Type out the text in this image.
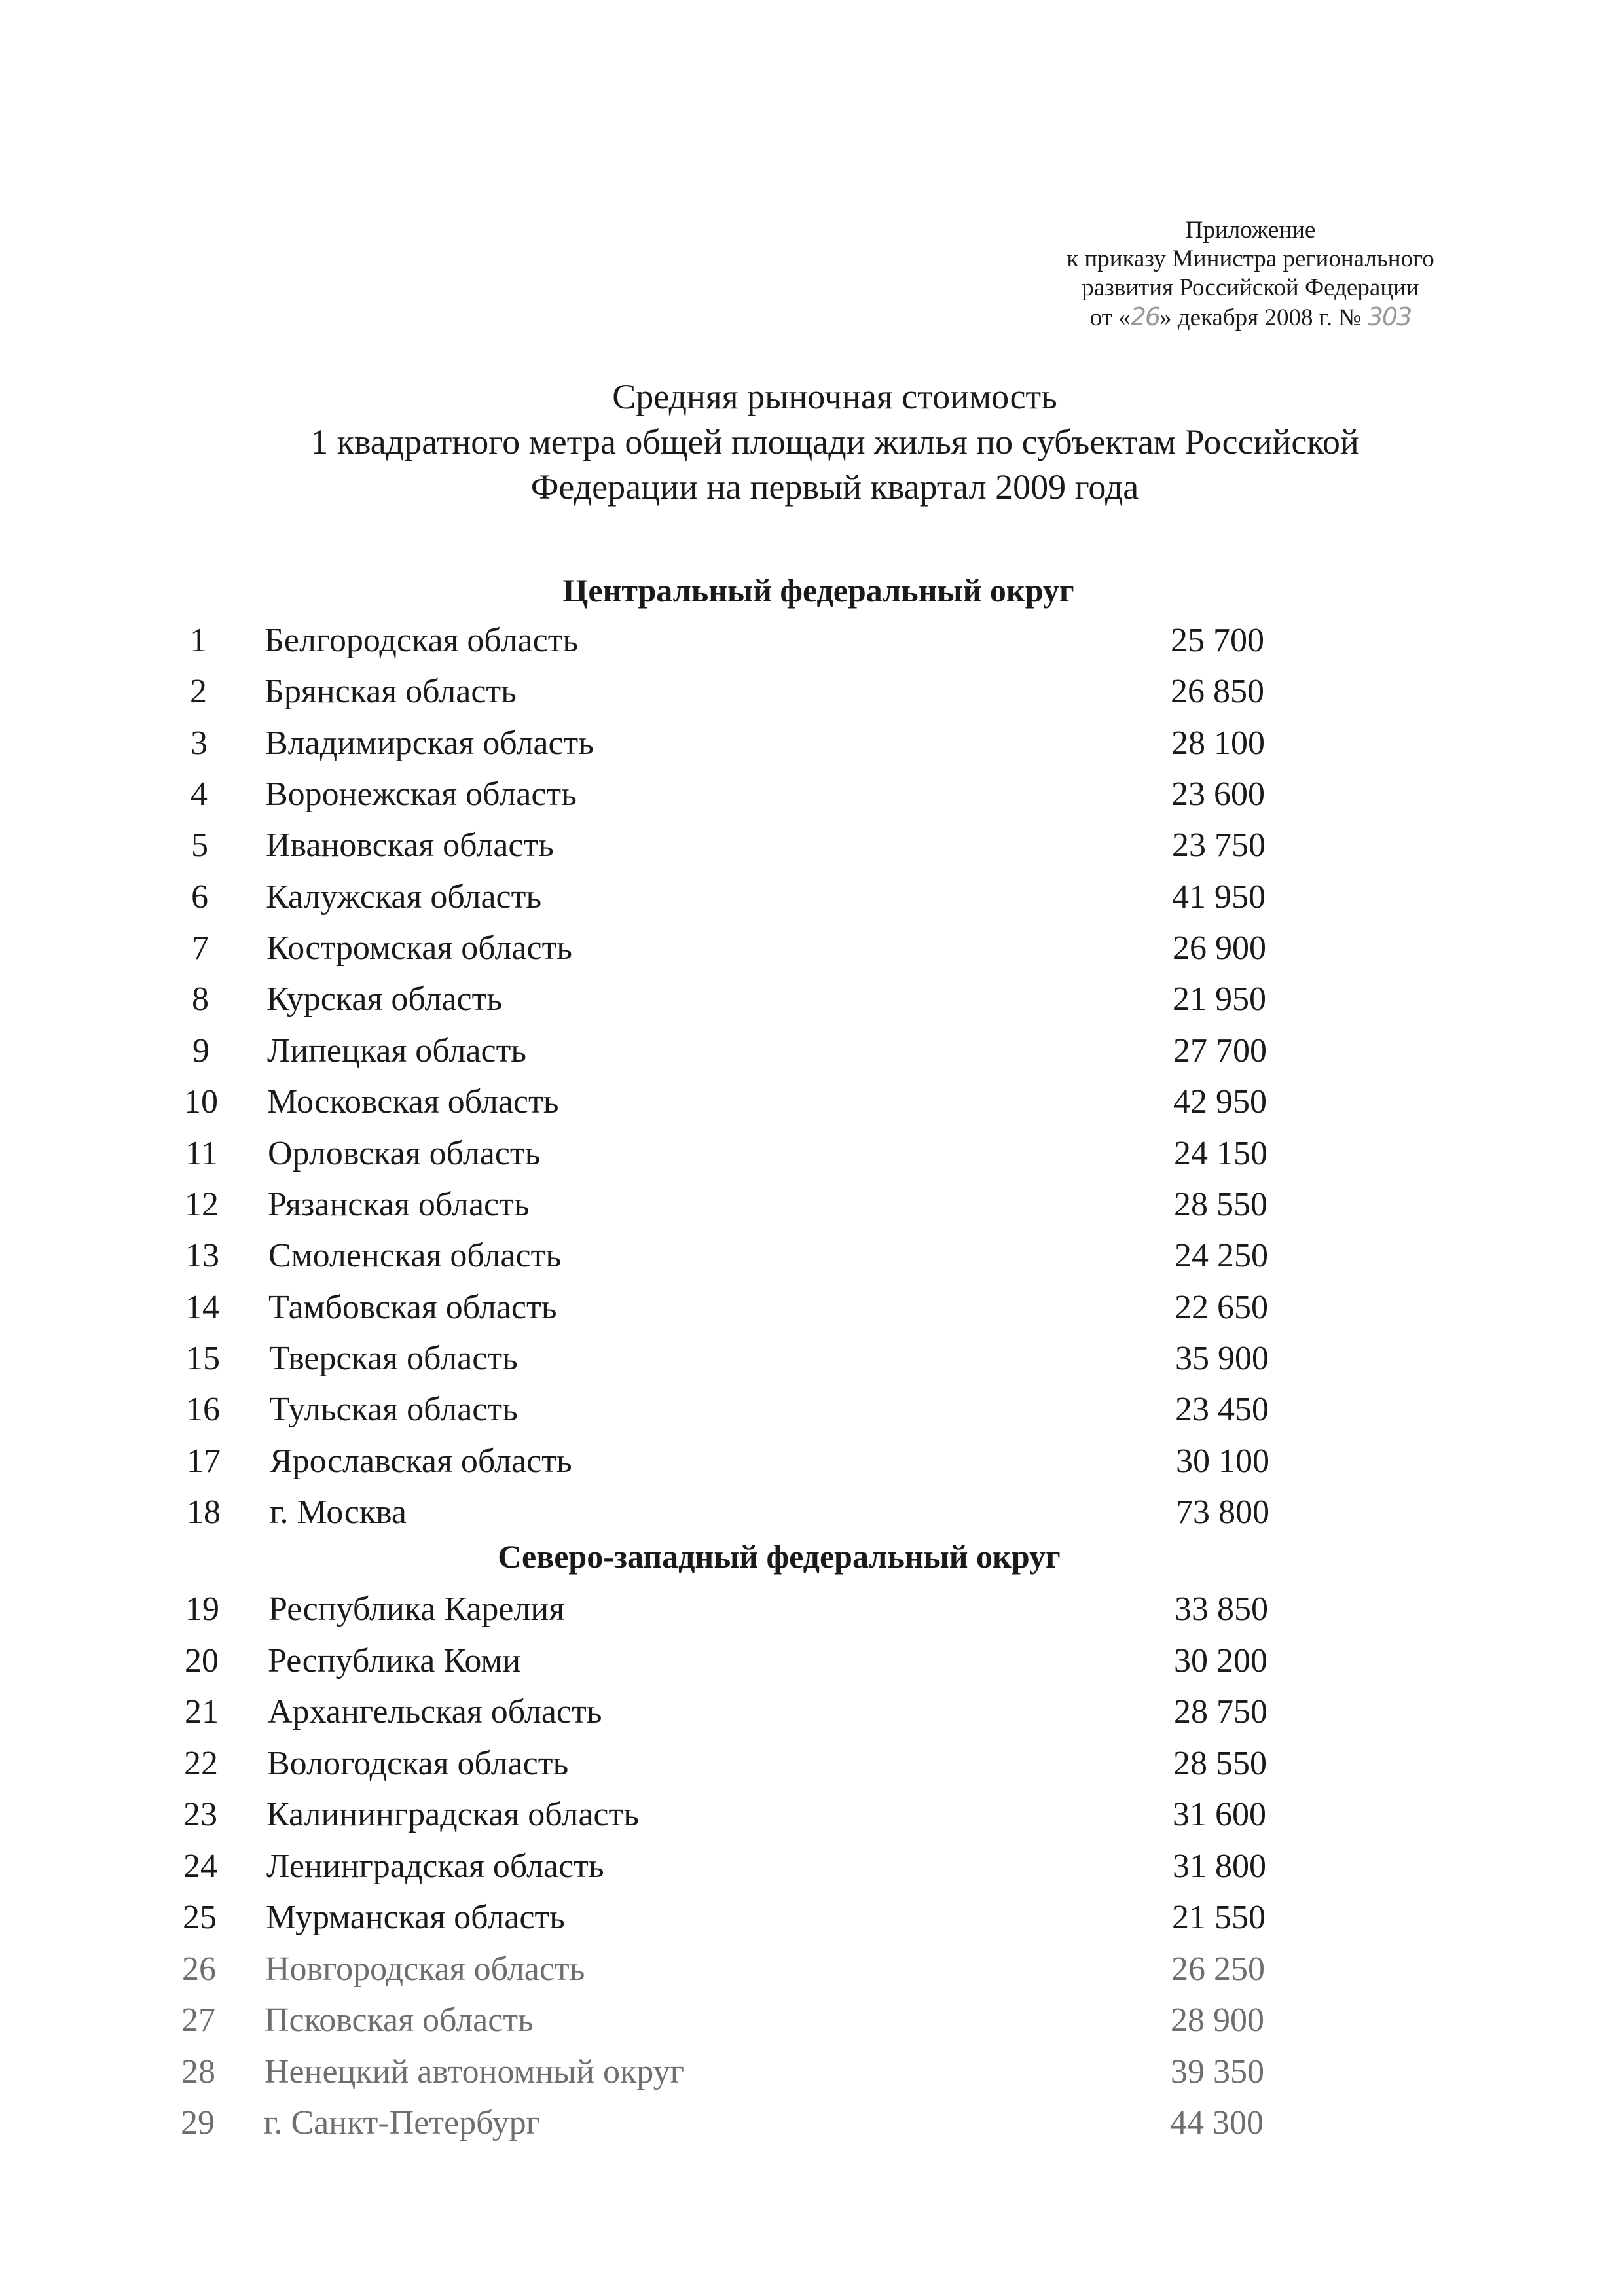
Приложение
к приказу Министра регионального
развития Российской Федерации
от «26» декабря 2008 г. № 303
Средняя рыночная стоимость
1 квадратного метра общей площади жилья по субъектам Российской
Федерации на первый квартал 2009 года
Центральный федеральный округ
Северо-западный федеральный округ
1	Белгородская область	25 700
2	Брянская область	26 850
3	Владимирская область	28 100
4	Воронежская область	23 600
5	Ивановская область	23 750
6	Калужская область	41 950
7	Костромская область	26 900
8	Курская область	21 950
9	Липецкая область	27 700
10	Московская область	42 950
11	Орловская область	24 150
12	Рязанская область	28 550
13	Смоленская область	24 250
14	Тамбовская область	22 650
15	Тверская область	35 900
16	Тульская область	23 450
17	Ярославская область	30 100
18	г. Москва	73 800
19	Республика Карелия	33 850
20	Республика Коми	30 200
21	Архангельская область	28 750
22	Вологодская область	28 550
23	Калининградская область	31 600
24	Ленинградская область	31 800
25	Мурманская область	21 550
26	Новгородская область	26 250
27	Псковская область	28 900
28	Ненецкий автономный округ	39 350
29	г. Санкт-Петербург	44 300
